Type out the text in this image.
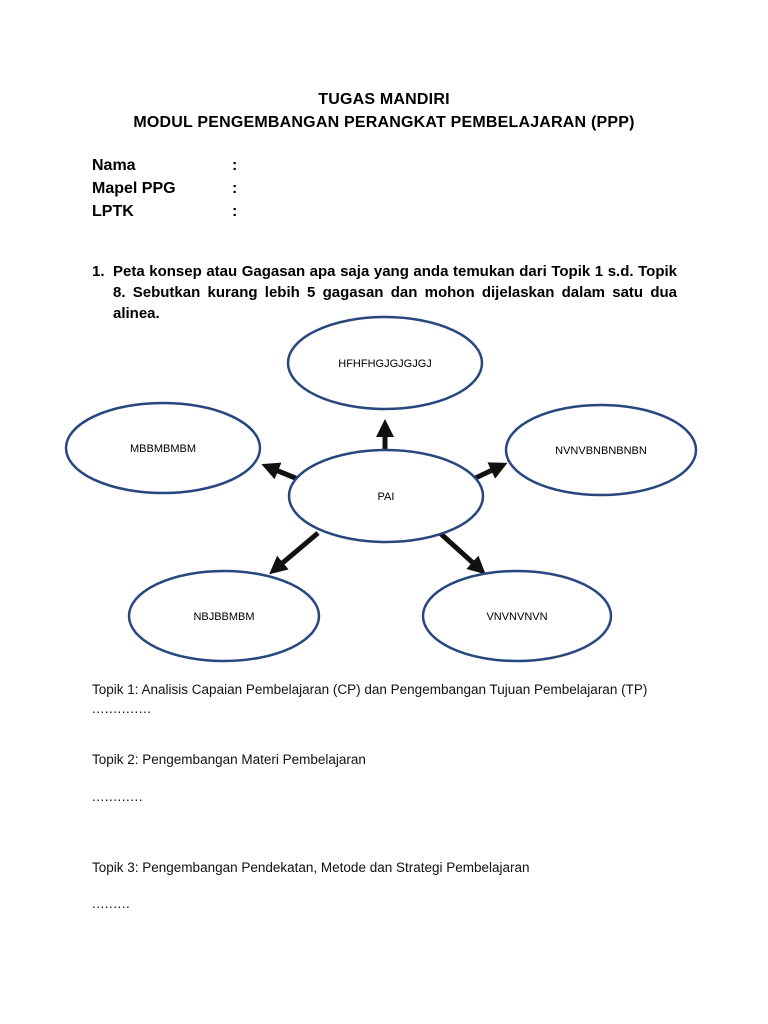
TUGAS MANDIRI
MODUL PENGEMBANGAN PERANGKAT PEMBELAJARAN (PPP)
Nama	:
Mapel PPG	:
LPTK	:
1. Peta konsep atau Gagasan apa saja yang anda temukan dari Topik 1 s.d. Topik 8. Sebutkan kurang lebih 5 gagasan dan mohon dijelaskan dalam satu dua alinea.
HFHFHGJGJGJGJ
MBBMBMBM	NVNVBNBNBNBN
PAI
NBJBBMBM	VNVNVNVN
Topik 1: Analisis Capaian Pembelajaran (CP) dan Pengembangan Tujuan Pembelajaran (TP)
..............
Topik 2: Pengembangan Materi Pembelajaran
............
Topik 3: Pengembangan Pendekatan, Metode dan Strategi Pembelajaran
.........
